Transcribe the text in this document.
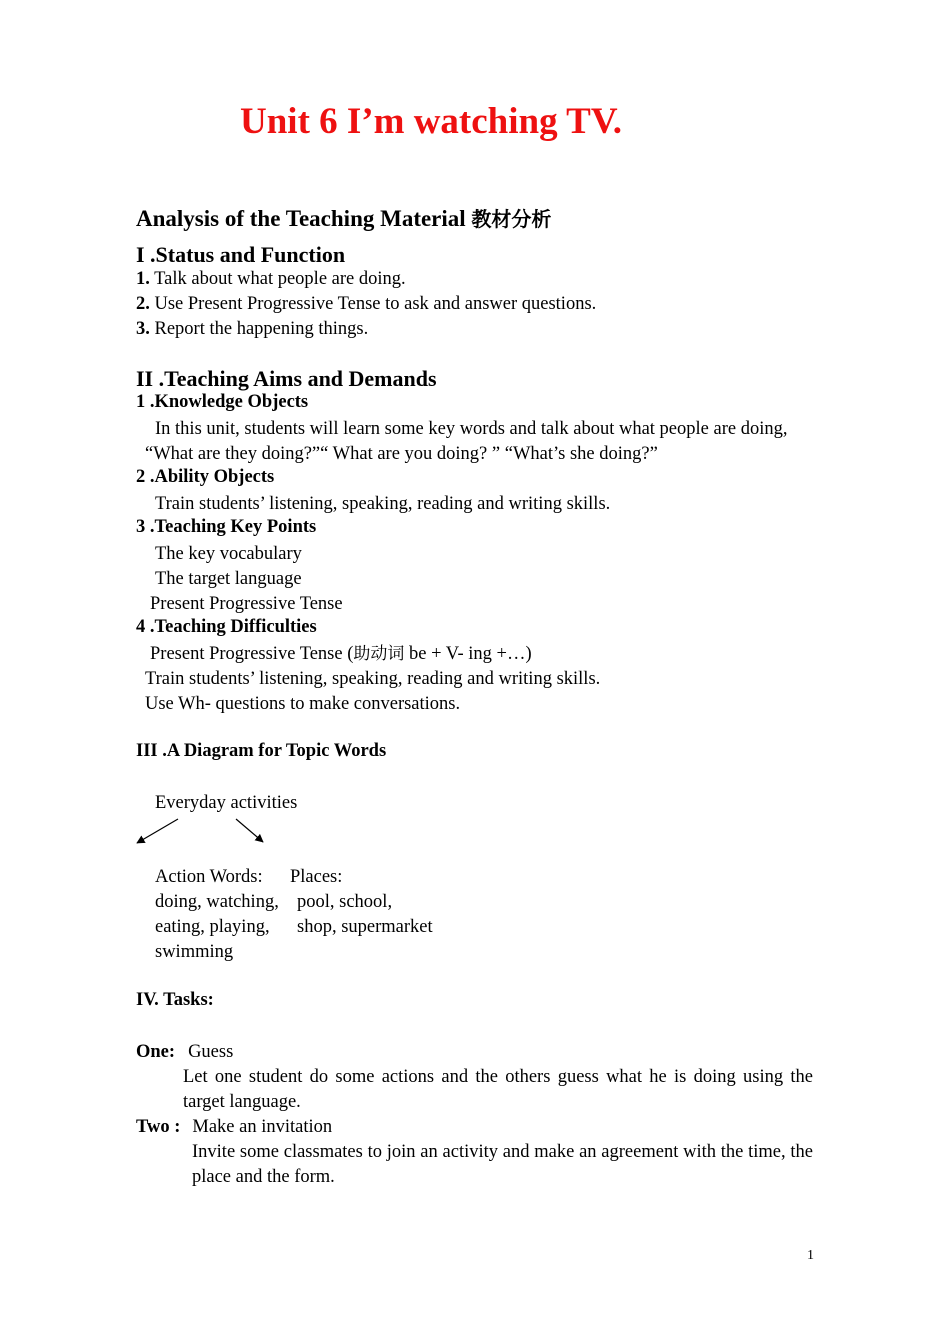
Unit 6 I’m watching TV.
Analysis of the Teaching Material 教材分析
I .Status and Function
1. Talk about what people are doing.
2. Use Present Progressive Tense to ask and answer questions.
3. Report the happening things.
II .Teaching Aims and Demands
1 .Knowledge Objects
In this unit, students will learn some key words and talk about what people are doing,
“What are they doing?”“ What are you doing? ” “What’s she doing?”
2 .Ability Objects
Train students’ listening, speaking, reading and writing skills.
3 .Teaching Key Points
The key vocabulary
The target language
Present Progressive Tense
4 .Teaching Difficulties
Present Progressive Tense (助动词 be + V- ing +…)
Train students’ listening, speaking, reading and writing skills.
Use Wh- questions to make conversations.
III .A Diagram for Topic Words
Everyday activities
Action Words: Places:
doing, watching, pool, school,
eating, playing, shop, supermarket
swimming
IV. Tasks:
One: Guess
Let one student do some actions and the others guess what he is doing using the target language.
Two : Make an invitation
Invite some classmates to join an activity and make an agreement with the time, the place and the form.
1
